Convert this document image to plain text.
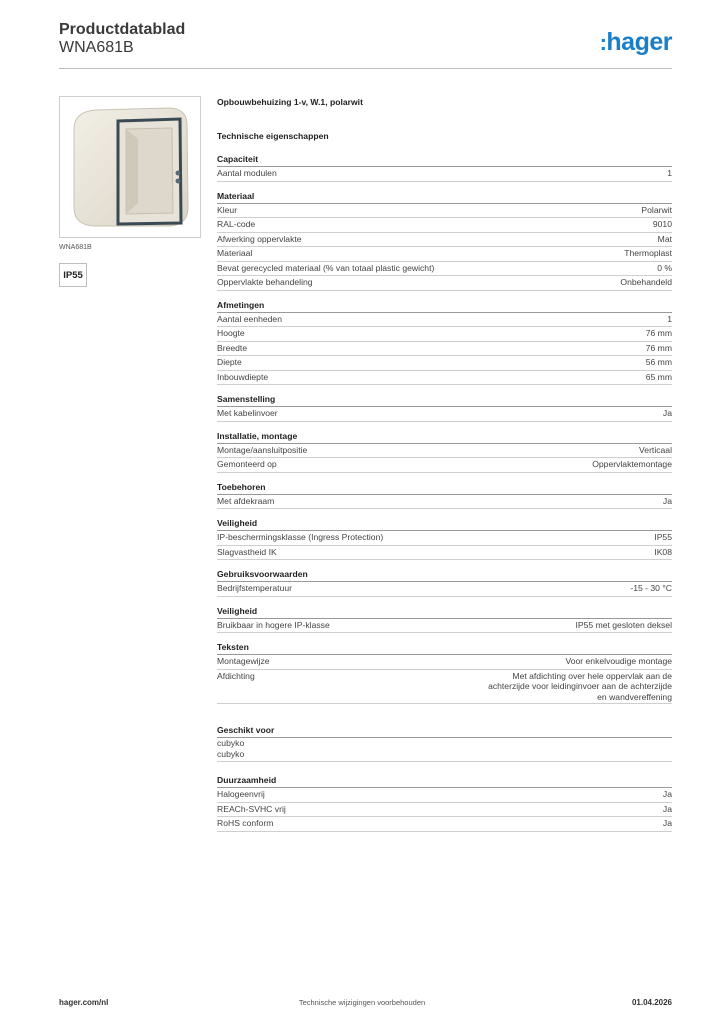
Productdatablad
WNA681B	:hager
WNA681B
IP55
Opbouwbehuizing 1-v, W.1, polarwit
Technische eigenschappen
Capaciteit
Aantal modulen	1
Materiaal
Kleur	Polarwit
RAL-code	9010
Afwerking oppervlakte	Mat
Materiaal	Thermoplast
Bevat gerecycled materiaal (% van totaal plastic gewicht)	0 %
Oppervlakte behandeling	Onbehandeld
Afmetingen
Aantal eenheden	1
Hoogte	76 mm
Breedte	76 mm
Diepte	56 mm
Inbouwdiepte	65 mm
Samenstelling
Met kabelinvoer	Ja
Installatie, montage
Montage/aansluitpositie	Verticaal
Gemonteerd op	Oppervlaktemontage
Toebehoren
Met afdekraam	Ja
Veiligheid
IP-beschermingsklasse (Ingress Protection)	IP55
Slagvastheid IK	IK08
Gebruiksvoorwaarden
Bedrijfstemperatuur	-15 - 30 °C
Veiligheid
Bruikbaar in hogere IP-klasse	IP55 met gesloten deksel
Teksten
Montagewijze	Voor enkelvoudige montage
Afdichting	Met afdichting over hele oppervlak aan de
achterzijde voor leidinginvoer aan de achterzijde
en wandvereffening
Geschikt voor
cubyko
cubyko
Duurzaamheid
Halogeenvrij	Ja
REACh-SVHC vrij	Ja
RoHS conform	Ja
hager.com/nl	Technische wijzigingen voorbehouden	01.04.2026
